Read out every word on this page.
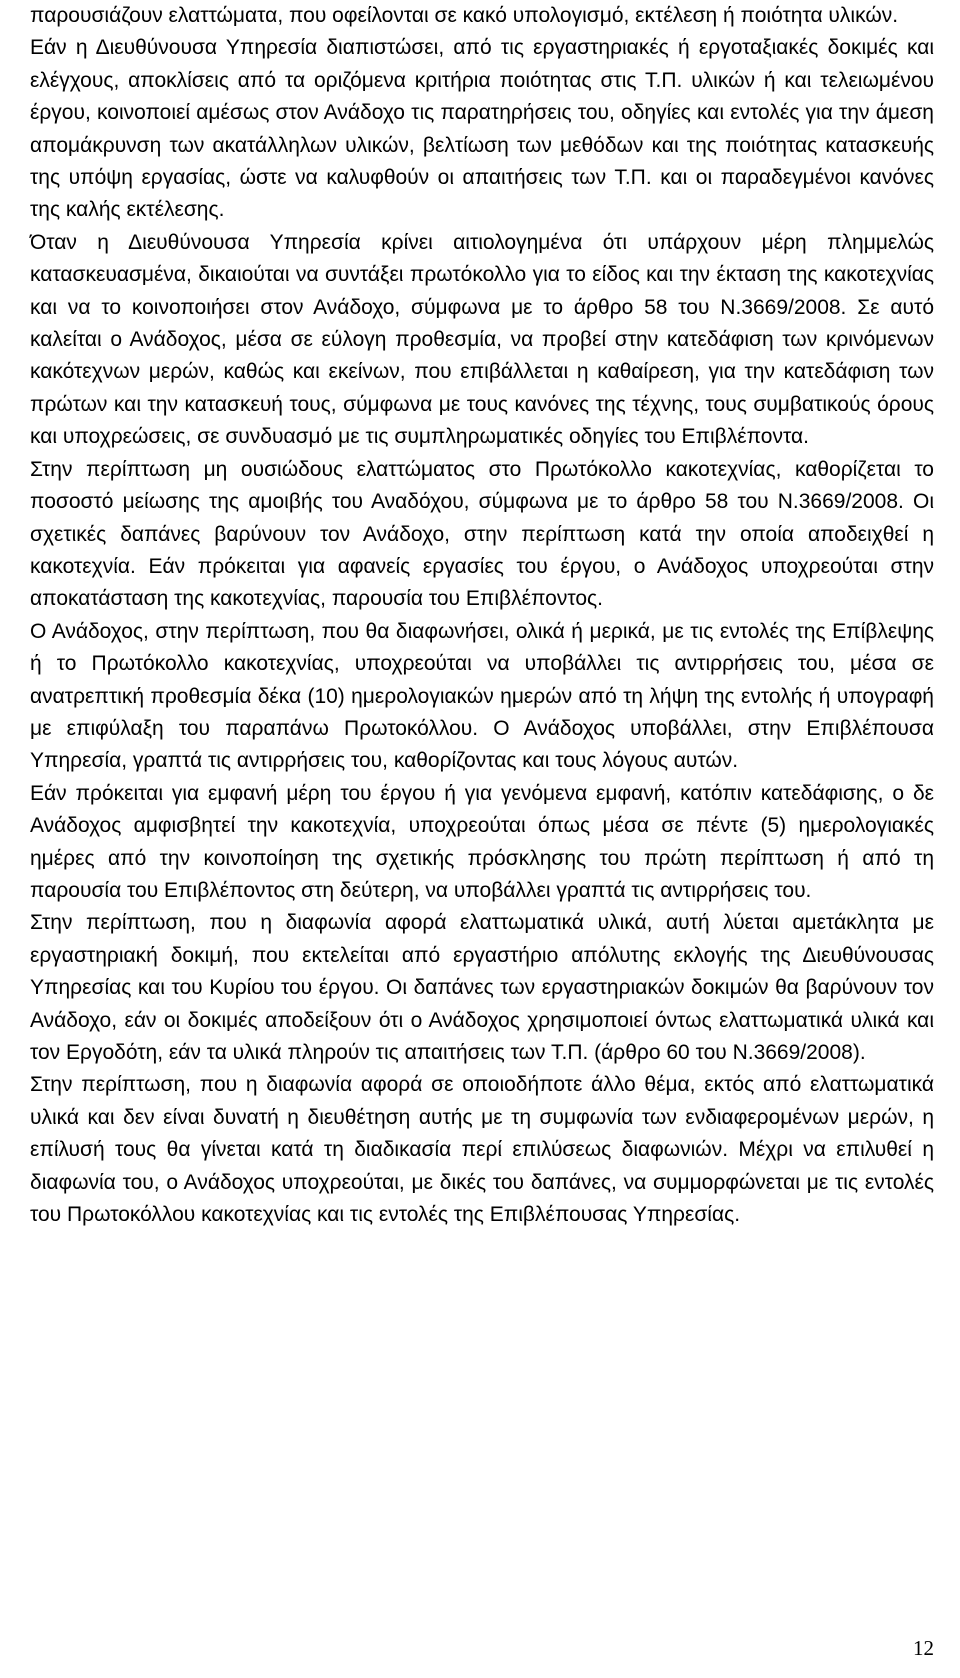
παρουσιάζουν ελαττώματα, που οφείλονται σε κακό υπολογισμό, εκτέλεση ή ποιότητα υλικών.

Εάν η Διευθύνουσα Υπηρεσία διαπιστώσει, από τις εργαστηριακές ή εργοταξιακές δοκιμές και ελέγχους, αποκλίσεις από τα οριζόμενα κριτήρια ποιότητας στις Τ.Π. υλικών ή και τελειωμένου έργου, κοινοποιεί αμέσως στον Ανάδοχο τις παρατηρήσεις του, οδηγίες και εντολές για την άμεση απομάκρυνση των ακατάλληλων υλικών, βελτίωση των μεθόδων και της ποιότητας κατασκευής της υπόψη εργασίας, ώστε να καλυφθούν οι απαιτήσεις των Τ.Π. και οι παραδεγμένοι κανόνες της καλής εκτέλεσης.

Όταν η Διευθύνουσα Υπηρεσία κρίνει αιτιολογημένα ότι υπάρχουν μέρη πλημμελώς κατασκευασμένα, δικαιούται να συντάξει πρωτόκολλο για το είδος και την έκταση της κακοτεχνίας και να το κοινοποιήσει στον Ανάδοχο, σύμφωνα με το άρθρο 58 του Ν.3669/2008. Σε αυτό καλείται ο Ανάδοχος, μέσα σε εύλογη προθεσμία, να προβεί στην κατεδάφιση των κρινόμενων κακότεχνων μερών, καθώς και εκείνων, που επιβάλλεται η καθαίρεση, για την κατεδάφιση των πρώτων και την κατασκευή τους, σύμφωνα με τους κανόνες της τέχνης, τους συμβατικούς όρους και υποχρεώσεις, σε συνδυασμό με τις συμπληρωματικές οδηγίες του Επιβλέποντα.

Στην περίπτωση μη ουσιώδους ελαττώματος στο Πρωτόκολλο κακοτεχνίας, καθορίζεται το ποσοστό μείωσης της αμοιβής του Αναδόχου, σύμφωνα με το άρθρο 58 του Ν.3669/2008. Οι σχετικές δαπάνες βαρύνουν τον Ανάδοχο, στην περίπτωση κατά την οποία αποδειχθεί η κακοτεχνία. Εάν πρόκειται για αφανείς εργασίες του έργου, ο Ανάδοχος υποχρεούται στην αποκατάσταση της κακοτεχνίας, παρουσία του Επιβλέποντος.

Ο Ανάδοχος, στην περίπτωση, που θα διαφωνήσει, ολικά ή μερικά, με τις εντολές της Επίβλεψης ή το Πρωτόκολλο κακοτεχνίας, υποχρεούται να υποβάλλει τις αντιρρήσεις του, μέσα σε ανατρεπτική προθεσμία δέκα (10) ημερολογιακών ημερών από τη λήψη της εντολής ή υπογραφή με επιφύλαξη του παραπάνω Πρωτοκόλλου. Ο Ανάδοχος υποβάλλει, στην Επιβλέπουσα Υπηρεσία, γραπτά τις αντιρρήσεις του, καθορίζοντας και τους λόγους αυτών.

Εάν πρόκειται για εμφανή μέρη του έργου ή για γενόμενα εμφανή, κατόπιν κατεδάφισης, ο δε Ανάδοχος αμφισβητεί την κακοτεχνία, υποχρεούται όπως μέσα σε πέντε (5) ημερολογιακές ημέρες από την κοινοποίηση της σχετικής πρόσκλησης του πρώτη περίπτωση ή από τη παρουσία του Επιβλέποντος στη δεύτερη, να υποβάλλει γραπτά τις αντιρρήσεις του.

Στην περίπτωση, που η διαφωνία αφορά ελαττωματικά υλικά, αυτή λύεται αμετάκλητα με εργαστηριακή δοκιμή, που εκτελείται από εργαστήριο απόλυτης εκλογής της Διευθύνουσας Υπηρεσίας και του Κυρίου του έργου. Οι δαπάνες των εργαστηριακών δοκιμών θα βαρύνουν τον Ανάδοχο, εάν οι δοκιμές αποδείξουν ότι ο Ανάδοχος χρησιμοποιεί όντως ελαττωματικά υλικά και τον Εργοδότη, εάν τα υλικά πληρούν τις απαιτήσεις των Τ.Π. (άρθρο 60 του Ν.3669/2008).

Στην περίπτωση, που η διαφωνία αφορά σε οποιοδήποτε άλλο θέμα, εκτός από ελαττωματικά υλικά και δεν είναι δυνατή η διευθέτηση αυτής με τη συμφωνία των ενδιαφερομένων μερών, η επίλυσή τους θα γίνεται κατά τη διαδικασία περί επιλύσεως διαφωνιών. Μέχρι να επιλυθεί η διαφωνία του, ο Ανάδοχος υποχρεούται, με δικές του δαπάνες, να συμμορφώνεται με τις εντολές του Πρωτοκόλλου κακοτεχνίας και τις εντολές της Επιβλέπουσας Υπηρεσίας.

12
